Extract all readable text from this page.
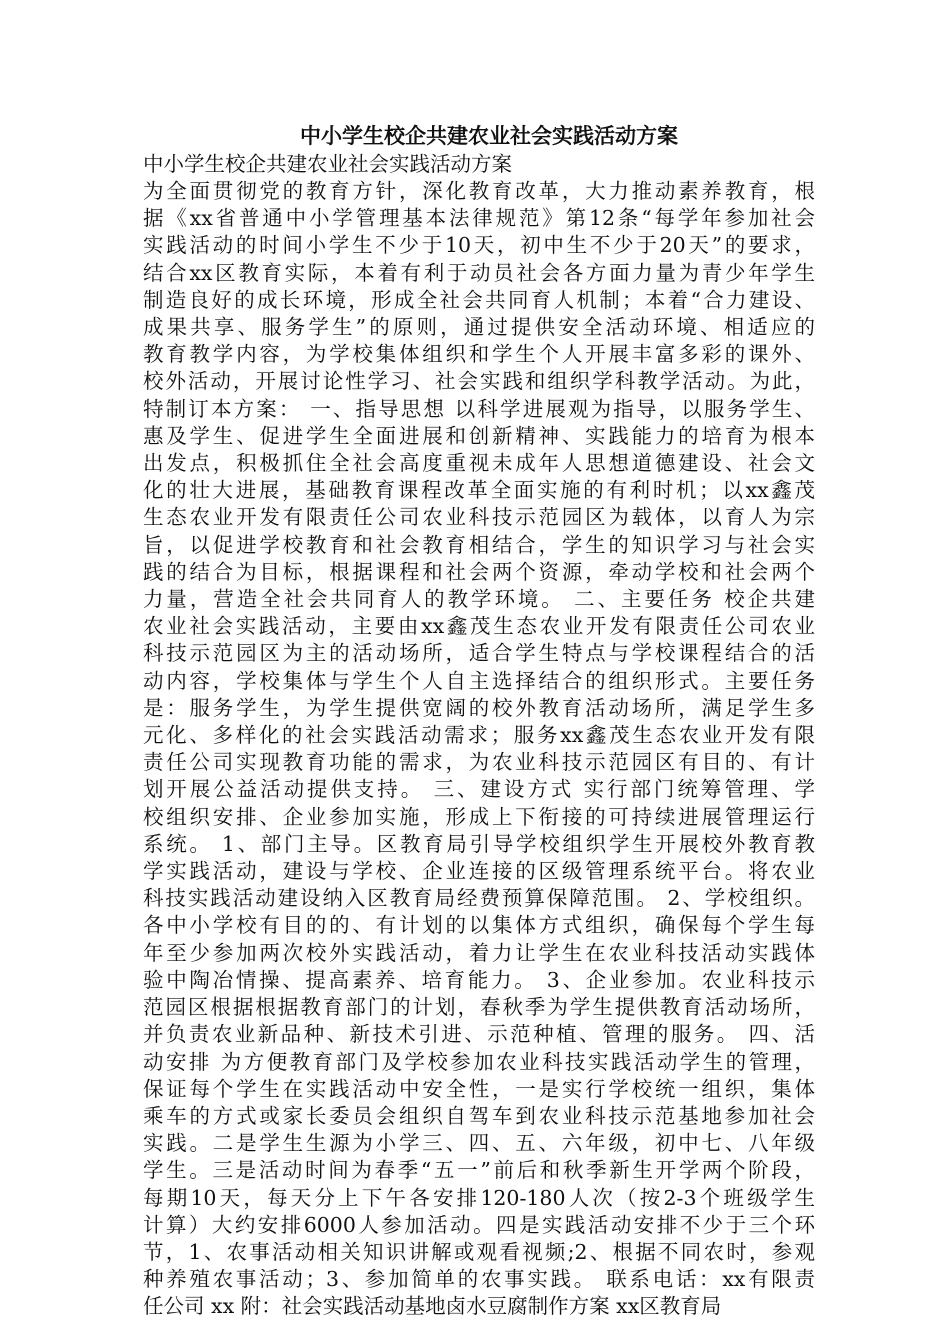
中小学生校企共建农业社会实践活动方案

中小学生校企共建农业社会实践活动方案

为全面贯彻党的教育方针，深化教育改革，大力推动素养教育，根
据《xx省普通中小学管理基本法律规范》第12条“每学年参加社会
实践活动的时间小学生不少于10天，初中生不少于20天”的要求，
结合xx区教育实际，本着有利于动员社会各方面力量为青少年学生
制造良好的成长环境，形成全社会共同育人机制；本着“合力建设、
成果共享、服务学生”的原则，通过提供安全活动环境、相适应的
教育教学内容，为学校集体组织和学生个人开展丰富多彩的课外、
校外活动，开展讨论性学习、社会实践和组织学科教学活动。为此，
特制订本方案： 一、指导思想 以科学进展观为指导，以服务学生、
惠及学生、促进学生全面进展和创新精神、实践能力的培育为根本
出发点，积极抓住全社会高度重视未成年人思想道德建设、社会文
化的壮大进展，基础教育课程改革全面实施的有利时机；以xx鑫茂
生态农业开发有限责任公司农业科技示范园区为载体，以育人为宗
旨，以促进学校教育和社会教育相结合，学生的知识学习与社会实
践的结合为目标，根据课程和社会两个资源，牵动学校和社会两个
力量，营造全社会共同育人的教学环境。 二、主要任务 校企共建
农业社会实践活动，主要由xx鑫茂生态农业开发有限责任公司农业
科技示范园区为主的活动场所，适合学生特点与学校课程结合的活
动内容，学校集体与学生个人自主选择结合的组织形式。主要任务
是：服务学生，为学生提供宽阔的校外教育活动场所，满足学生多
元化、多样化的社会实践活动需求；服务xx鑫茂生态农业开发有限
责任公司实现教育功能的需求，为农业科技示范园区有目的、有计
划开展公益活动提供支持。 三、建设方式 实行部门统筹管理、学
校组织安排、企业参加实施，形成上下衔接的可持续进展管理运行
系统。 1、部门主导。区教育局引导学校组织学生开展校外教育教
学实践活动，建设与学校、企业连接的区级管理系统平台。将农业
科技实践活动建设纳入区教育局经费预算保障范围。 2、学校组织。
各中小学校有目的的、有计划的以集体方式组织，确保每个学生每
年至少参加两次校外实践活动，着力让学生在农业科技活动实践体
验中陶冶情操、提高素养、培育能力。 3、企业参加。农业科技示
范园区根据根据教育部门的计划，春秋季为学生提供教育活动场所，
并负责农业新品种、新技术引进、示范种植、管理的服务。 四、活
动安排 为方便教育部门及学校参加农业科技实践活动学生的管理，
保证每个学生在实践活动中安全性，一是实行学校统一组织，集体
乘车的方式或家长委员会组织自驾车到农业科技示范基地参加社会
实践。二是学生生源为小学三、四、五、六年级，初中七、八年级
学生。三是活动时间为春季“五一”前后和秋季新生开学两个阶段，
每期10天，每天分上下午各安排120-180人次（按2-3个班级学生
计算）大约安排6000人参加活动。四是实践活动安排不少于三个环
节，1、农事活动相关知识讲解或观看视频;2、根据不同农时，参观
种养殖农事活动；3、参加简单的农事实践。 联系电话：xx有限责
任公司 xx 附：社会实践活动基地卤水豆腐制作方案 xx区教育局
